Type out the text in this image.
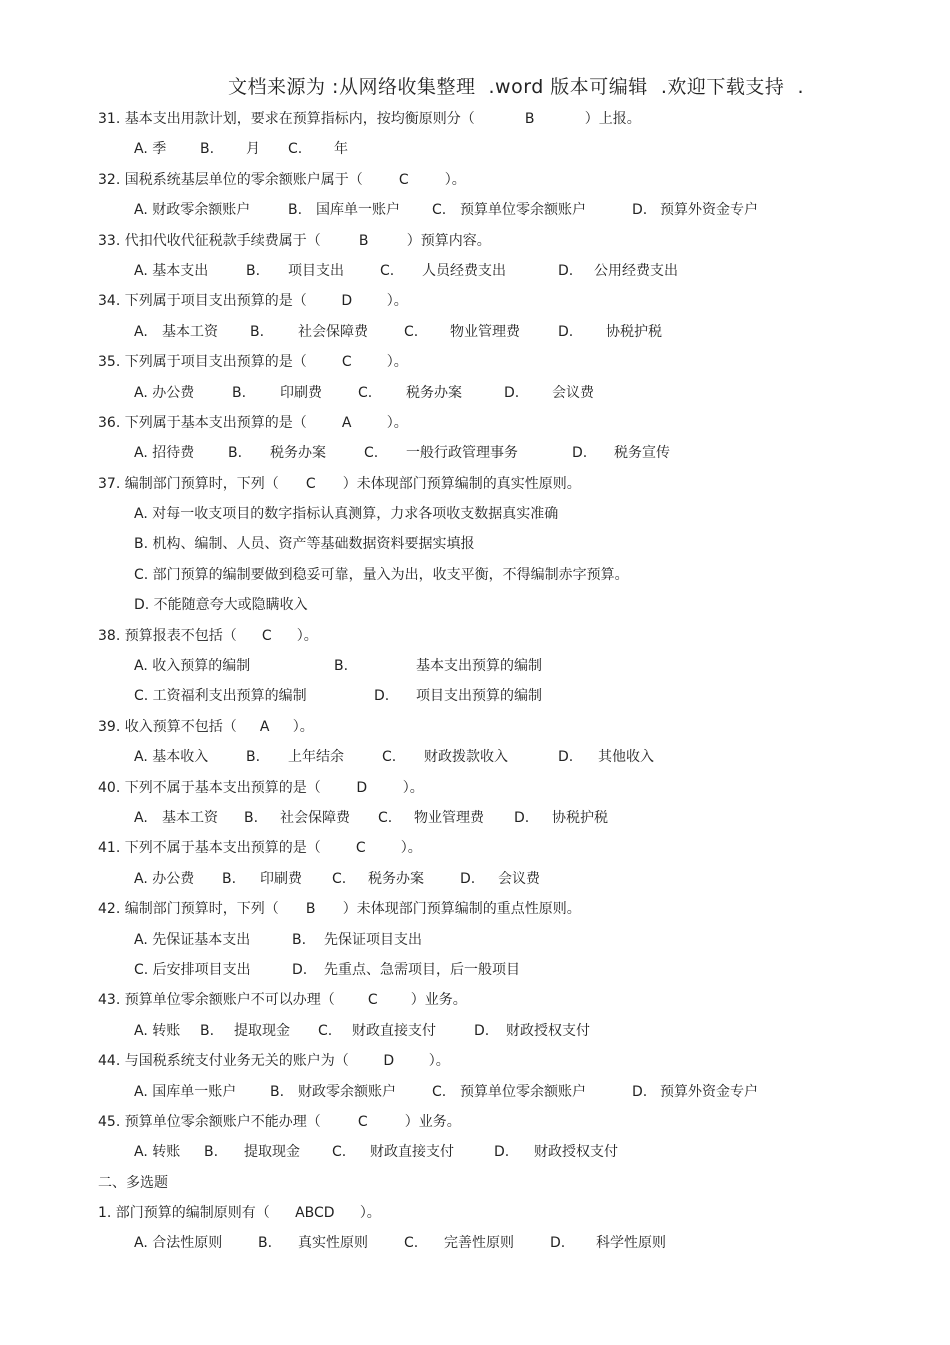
文档来源为 :从网络收集整理  .word 版本可编辑  .欢迎下载支持  .
31. 基本支出用款计划，要求在预算指标内，按均衡原则分（	B	）上报。
A. 季 B. 月 C. 年
32. 国税系统基层单位的零余额账户属于（	C	）。
A. 财政零余额账户	B. 国库单一账户 C. 预算单位零余额账户	D. 预算外资金专户
33. 代扣代收代征税款手续费属于（	B	）预算内容。
A. 基本支出	B. 项目支出	C. 人员经费支出	D. 公用经费支出
34. 下列属于项目支出预算的是（ D ）。
A. 基本工资 B. 社会保障费	C. 物业管理费	D. 协税护税
35. 下列属于项目支出预算的是（	C	）。
A. 办公费	B. 印刷费	C. 税务办案	D. 会议费
36. 下列属于基本支出预算的是（	A	）。
A. 招待费 B. 税务办案	C. 一般行政管理事务	D. 税务宣传
37. 编制部门预算时，下列（ C ）未体现部门预算编制的真实性原则。
A. 对每一收支项目的数字指标认真测算，力求各项收支数据真实准确
B. 机构、编制、人员、资产等基础数据资料要据实填报
C. 部门预算的编制要做到稳妥可靠，量入为出，收支平衡，不得编制赤字预算。
D. 不能随意夸大或隐瞒收入
38. 预算报表不包括（ C ）。
A. 收入预算的编制	B.	基本支出预算的编制
C. 工资福利支出预算的编制	D. 项目支出预算的编制
39. 收入预算不包括（ A ）。
A. 基本收入	B. 上年结余	C. 财政拨款收入	D. 其他收入
40. 下列不属于基本支出预算的是（	D	）。
A. 基本工资 B. 社会保障费 C. 物业管理费 D. 协税护税
41. 下列不属于基本支出预算的是（	C	）。
A. 办公费 B. 印刷费 C. 税务办案	D. 会议费
42. 编制部门预算时，下列（ B ）未体现部门预算编制的重点性原则。
A. 先保证基本支出	B. 先保证项目支出
C. 后安排项目支出	D. 先重点、急需项目，后一般项目
43. 预算单位零余额账户不可以办理（ C ）业务。
A. 转账 B. 提取现金 C. 财政直接支付	D. 财政授权支付
44. 与国税系统支付业务无关的账户为（ D ）。
A. 国库单一账户 B. 财政零余额账户	C. 预算单位零余额账户	D. 预算外资金专户
45. 预算单位零余额账户不能办理（	C	）业务。
A. 转账 B. 提取现金 C. 财政直接支付	D. 财政授权支付
二、多选题
1. 部门预算的编制原则有（ ABCD ）。
A. 合法性原则	B. 真实性原则	C. 完善性原则	D. 科学性原则
